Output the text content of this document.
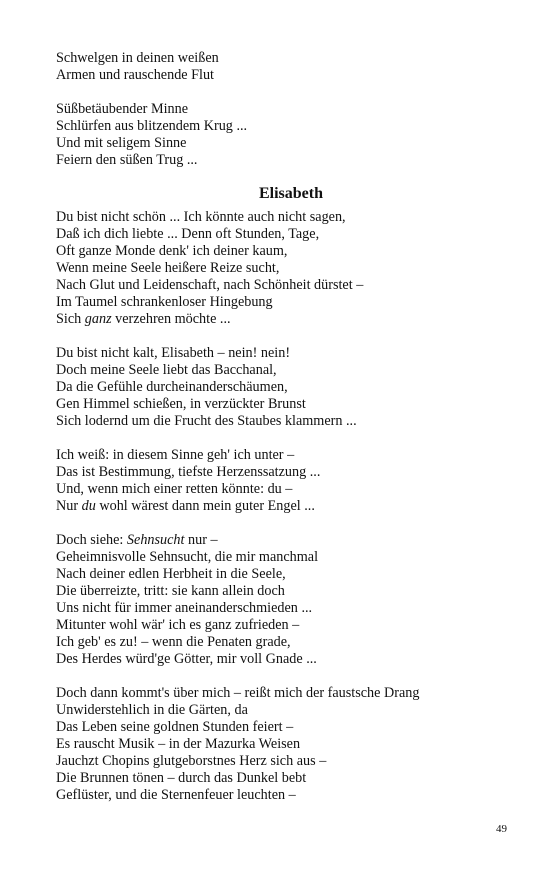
Schwelgen in deinen weißen
Armen und rauschende Flut
Süßbetäubender Minne
Schlürfen aus blitzendem Krug ...
Und mit seligem Sinne
Feiern den süßen Trug ...
Elisabeth
Du bist nicht schön ... Ich könnte auch nicht sagen,
Daß ich dich liebte ... Denn oft Stunden, Tage,
Oft ganze Monde denk' ich deiner kaum,
Wenn meine Seele heißere Reize sucht,
Nach Glut und Leidenschaft, nach Schönheit dürstet –
Im Taumel schrankenloser Hingebung
Sich ganz verzehren möchte ...
Du bist nicht kalt, Elisabeth – nein! nein!
Doch meine Seele liebt das Bacchanal,
Da die Gefühle durcheinanderschäumen,
Gen Himmel schießen, in verzückter Brunst
Sich lodernd um die Frucht des Staubes klammern ...
Ich weiß: in diesem Sinne geh' ich unter –
Das ist Bestimmung, tiefste Herzenssatzung ...
Und, wenn mich einer retten könnte: du –
Nur du wohl wärest dann mein guter Engel ...
Doch siehe: Sehnsucht nur –
Geheimnisvolle Sehnsucht, die mir manchmal
Nach deiner edlen Herbheit in die Seele,
Die überreizte, tritt: sie kann allein doch
Uns nicht für immer aneinanderschmieden ...
Mitunter wohl wär' ich es ganz zufrieden –
Ich geb' es zu! – wenn die Penaten grade,
Des Herdes würd'ge Götter, mir voll Gnade ...
Doch dann kommt's über mich – reißt mich der faustsche Drang
Unwiderstehlich in die Gärten, da
Das Leben seine goldnen Stunden feiert –
Es rauscht Musik – in der Mazurka Weisen
Jauchzt Chopins glutgeborstnes Herz sich aus –
Die Brunnen tönen – durch das Dunkel bebt
Geflüster, und die Sternenfeuer leuchten –
49
